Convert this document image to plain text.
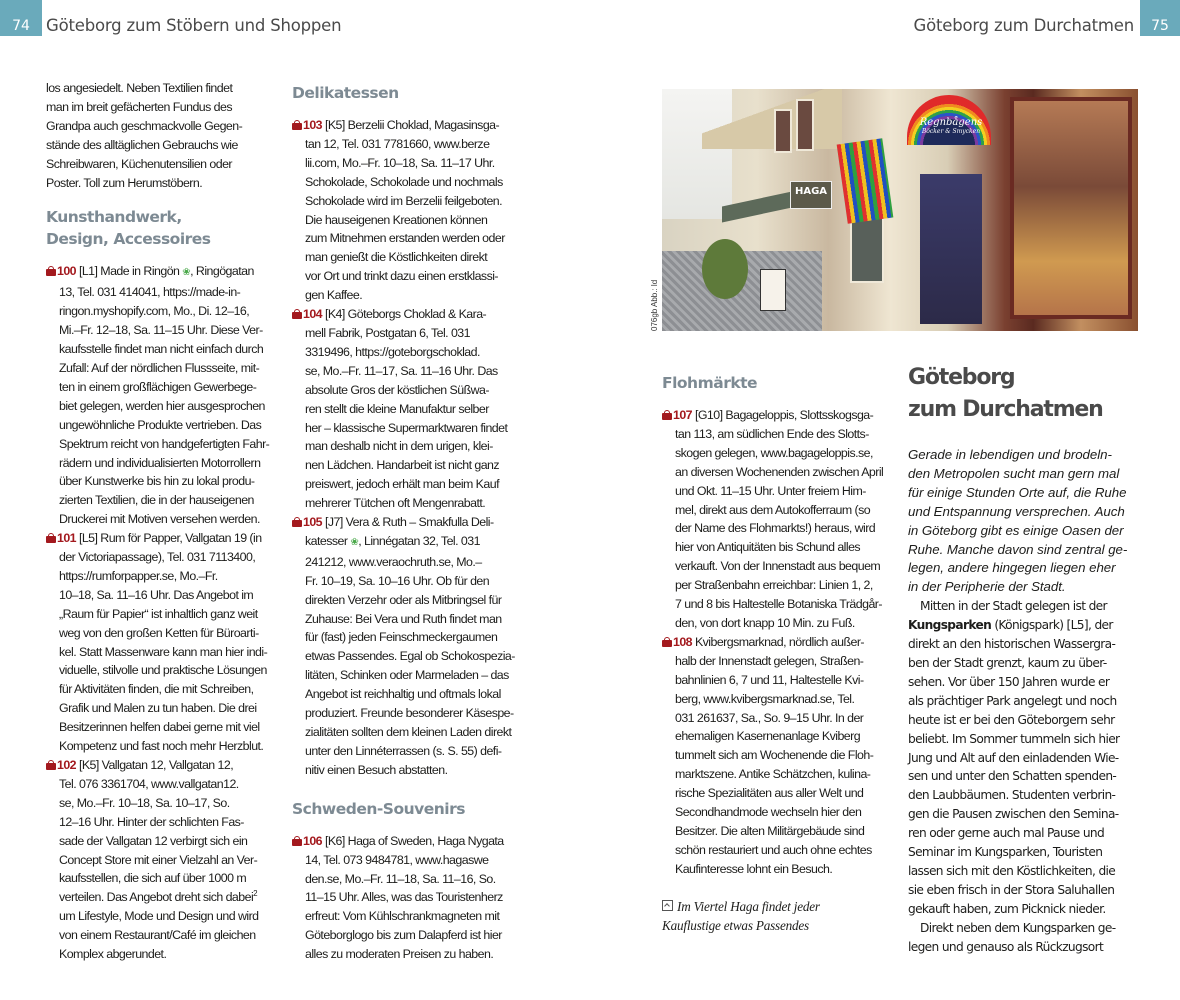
74 Göteborg zum Stöbern und Shoppen
los angesiedelt. Neben Textilien findet
man im breit gefächerten Fundus des
Grandpa auch geschmackvolle Gegen-
stände des alltäglichen Gebrauchs wie
Schreibwaren, Küchenutensilien oder
Poster. Toll zum Herumstöbern.
Kunsthandwerk,
Design, Accessoires
100 [L1] Made in Ringön ❀, Ringögatan
13, Tel. 031 414041, https://made-in-
ringon.myshopify.com, Mo., Di. 12–16,
Mi.–Fr. 12–18, Sa. 11–15 Uhr. Diese Ver-
kaufsstelle findet man nicht einfach durch
Zufall: Auf der nördlichen Flussseite, mit-
ten in einem großflächigen Gewerbege-
biet gelegen, werden hier ausgesprochen
ungewöhnliche Produkte vertrieben. Das
Spektrum reicht von handgefertigten Fahr-
rädern und individualisierten Motorrollern
über Kunstwerke bis hin zu lokal produ-
zierten Textilien, die in der hauseigenen
Druckerei mit Motiven versehen werden.
101 [L5] Rum för Papper, Vallgatan 19 (in
der Victoriapassage), Tel. 031 7113400,
https://rumforpapper.se, Mo.–Fr.
10–18, Sa. 11–16 Uhr. Das Angebot im
„Raum für Papier“ ist inhaltlich ganz weit
weg von den großen Ketten für Büroarti-
kel. Statt Massenware kann man hier indi-
viduelle, stilvolle und praktische Lösungen
für Aktivitäten finden, die mit Schreiben,
Grafik und Malen zu tun haben. Die drei
Besitzerinnen helfen dabei gerne mit viel
Kompetenz und fast noch mehr Herzblut.
102 [K5] Vallgatan 12, Vallgatan 12,
Tel. 076 3361704, www.vallgatan12.
se, Mo.–Fr. 10–18, Sa. 10–17, So.
12–16 Uhr. Hinter der schlichten Fas-
sade der Vallgatan 12 verbirgt sich ein
Concept Store mit einer Vielzahl an Ver-
kaufsstellen, die sich auf über 1000 m
verteilen. Das Angebot dreht sich dabei$^2$
um Lifestyle, Mode und Design und wird
von einem Restaurant/Café im gleichen
Komplex abgerundet.
Delikatessen
103 [K5] Berzelii Choklad, Magasinsga-
tan 12, Tel. 031 7781660, www.berze
lii.com, Mo.–Fr. 10–18, Sa. 11–17 Uhr.
Schokolade, Schokolade und nochmals
Schokolade wird im Berzelii feilgeboten.
Die hauseigenen Kreationen können
zum Mitnehmen erstanden werden oder
man genießt die Köstlichkeiten direkt
vor Ort und trinkt dazu einen erstklassi-
gen Kaffee.
104 [K4] Göteborgs Choklad & Kara-
mell Fabrik, Postgatan 6, Tel. 031
3319496, https://goteborgschoklad.
se, Mo.–Fr. 11–17, Sa. 11–16 Uhr. Das
absolute Gros der köstlichen Süßwa-
ren stellt die kleine Manufaktur selber
her – klassische Supermarktwaren findet
man deshalb nicht in dem urigen, klei-
nen Lädchen. Handarbeit ist nicht ganz
preiswert, jedoch erhält man beim Kauf
mehrerer Tütchen oft Mengenrabatt.
105 [J7] Vera & Ruth – Smakfulla Deli-
katesser ❀, Linnégatan 32, Tel. 031
241212, www.veraochruth.se, Mo.–
Fr. 10–19, Sa. 10–16 Uhr. Ob für den
direkten Verzehr oder als Mitbringsel für
Zuhause: Bei Vera und Ruth findet man
für (fast) jeden Feinschmeckergaumen
etwas Passendes. Egal ob Schokospezia-
litäten, Schinken oder Marmeladen – das
Angebot ist reichhaltig und oftmals lokal
produziert. Freunde besonderer Käsespe-
zialitäten sollten dem kleinen Laden direkt
unter den Linnéterrassen (s. S. 55) defi-
nitiv einen Besuch abstatten.
Schweden-Souvenirs
106 [K6] Haga of Sweden, Haga Nygata
14, Tel. 073 9484781, www.hagaswe
den.se, Mo.–Fr. 11–18, Sa. 11–16, So.
11–15 Uhr. Alles, was das Touristenherz
erfreut: Vom Kühlschrankmagneten mit
Göteborglogo bis zum Dalapferd ist hier
alles zu moderaten Preisen zu haben.
Göteborg zum Durchatmen 75
HAGA
Regnbågens
Böcker & Smycken
076gb Abb.: ld
Flohmärkte
107 [G10] Bagageloppis, Slottsskogsga-
tan 113, am südlichen Ende des Slotts-
skogen gelegen, www.bagageloppis.se,
an diversen Wochenenden zwischen April
und Okt. 11–15 Uhr. Unter freiem Him-
mel, direkt aus dem Autokofferraum (so
der Name des Flohmarkts!) heraus, wird
hier von Antiquitäten bis Schund alles
verkauft. Von der Innenstadt aus bequem
per Straßenbahn erreichbar: Linien 1, 2,
7 und 8 bis Haltestelle Botaniska Trädgår-
den, von dort knapp 10 Min. zu Fuß.
108 Kvibergsmarknad, nördlich außer-
halb der Innenstadt gelegen, Straßen-
bahnlinien 6, 7 und 11, Haltestelle Kvi-
berg, www.kvibergsmarknad.se, Tel.
031 261637, Sa., So. 9–15 Uhr. In der
ehemaligen Kasernenanlage Kviberg
tummelt sich am Wochenende die Floh-
marktszene. Antike Schätzchen, kulina-
rische Spezialitäten aus aller Welt und
Secondhandmode wechseln hier den
Besitzer. Die alten Militärgebäude sind
schön restauriert und auch ohne echtes
Kaufinteresse lohnt ein Besuch.
Im Viertel Haga findet jeder
Kauflustige etwas Passendes
Göteborg
zum Durchatmen
Gerade in lebendigen und brodeln-
den Metropolen sucht man gern mal
für einige Stunden Orte auf, die Ruhe
und Entspannung versprechen. Auch
in Göteborg gibt es einige Oasen der
Ruhe. Manche davon sind zentral ge-
legen, andere hingegen liegen eher
in der Peripherie der Stadt.
Mitten in der Stadt gelegen ist der
Kungsparken (Königspark) [L5], der
direkt an den historischen Wassergra-
ben der Stadt grenzt, kaum zu über-
sehen. Vor über 150 Jahren wurde er
als prächtiger Park angelegt und noch
heute ist er bei den Göteborgern sehr
beliebt. Im Sommer tummeln sich hier
Jung und Alt auf den einladenden Wie-
sen und unter den Schatten spenden-
den Laubbäumen. Studenten verbrin-
gen die Pausen zwischen den Semina-
ren oder gerne auch mal Pause und
Seminar im Kungsparken, Touristen
lassen sich mit den Köstlichkeiten, die
sie eben frisch in der Stora Saluhallen
gekauft haben, zum Picknick nieder.
Direkt neben dem Kungsparken ge-
legen und genauso als Rückzugsort
